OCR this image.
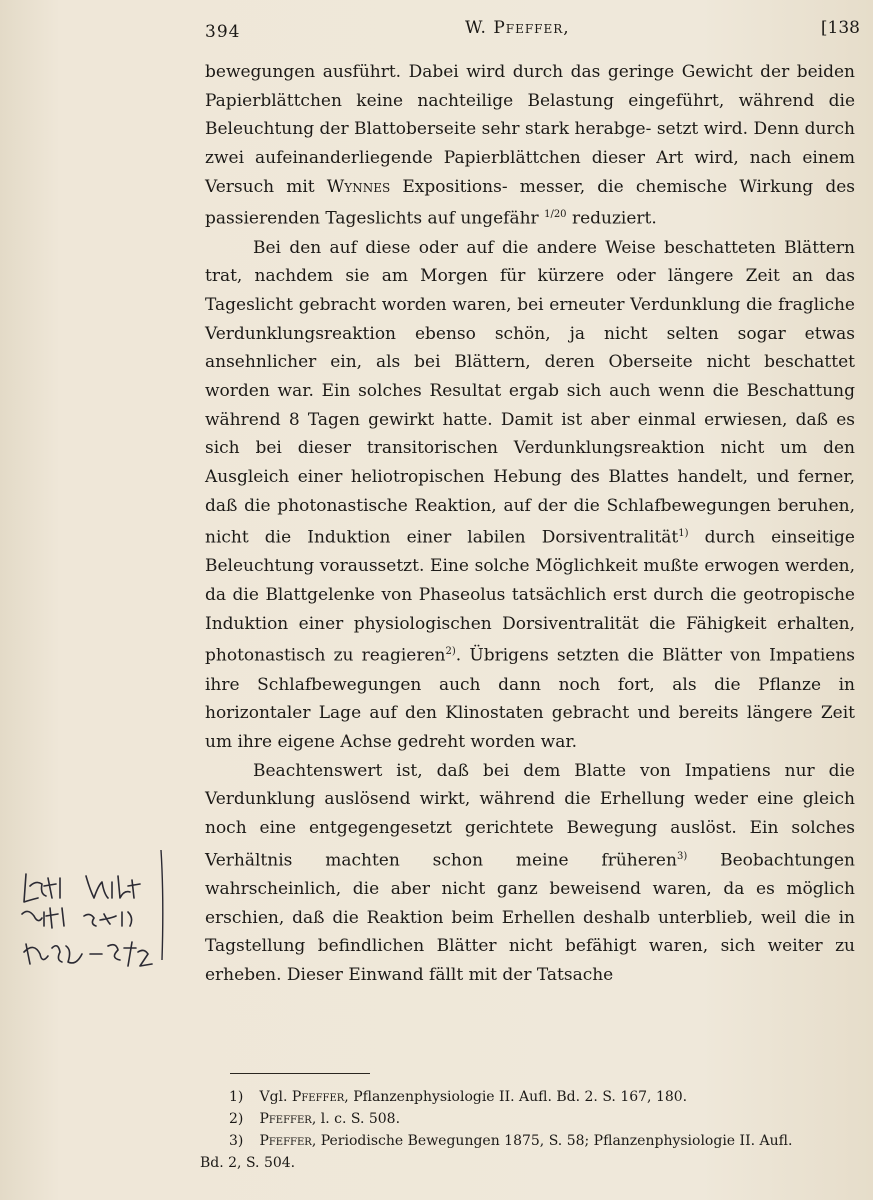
394	W. Pfeffer,	[138

bewegungen ausführt. Dabei wird durch das geringe Gewicht der beiden Papierblättchen keine nachteilige Belastung eingeführt, während die Beleuchtung der Blattoberseite sehr stark herabge- setzt wird. Denn durch zwei aufeinanderliegende Papierblättchen dieser Art wird, nach einem Versuch mit Wynnes Expositions- messer, die chemische Wirkung des passierenden Tageslichts auf ungefähr $^{1/20}$ reduziert.

Bei den auf diese oder auf die andere Weise beschatteten Blättern trat, nachdem sie am Morgen für kürzere oder längere Zeit an das Tageslicht gebracht worden waren, bei erneuter Verdunklung die fragliche Verdunklungsreaktion ebenso schön, ja nicht selten sogar etwas ansehnlicher ein, als bei Blättern, deren Oberseite nicht beschattet worden war. Ein solches Resultat ergab sich auch wenn die Beschattung während 8 Tagen gewirkt hatte. Damit ist aber einmal erwiesen, daß es sich bei dieser transitorischen Verdunklungsreaktion nicht um den Ausgleich einer heliotropischen Hebung des Blattes handelt, und ferner, daß die photonastische Reaktion, auf der die Schlafbewegungen beruhen, nicht die Induktion einer labilen Dorsiventralität$^{1)}$ durch einseitige Beleuchtung voraussetzt. Eine solche Möglichkeit mußte erwogen werden, da die Blattgelenke von Phaseolus tatsächlich erst durch die geotropische Induktion einer physiologischen Dorsiventralität die Fähigkeit erhalten, photonastisch zu reagieren$^{2)}$. Übrigens setzten die Blätter von Impatiens ihre Schlafbewegungen auch dann noch fort, als die Pflanze in horizontaler Lage auf den Klinostaten gebracht und bereits längere Zeit um ihre eigene Achse gedreht worden war.

Beachtenswert ist, daß bei dem Blatte von Impatiens nur die Verdunklung auslösend wirkt, während die Erhellung weder eine gleich noch eine entgegengesetzt gerichtete Bewegung auslöst. Ein solches Verhältnis machten schon meine früheren$^{3)}$ Beobachtungen wahrscheinlich, die aber nicht ganz beweisend waren, da es möglich erschien, daß die Reaktion beim Erhellen deshalb unterblieb, weil die in Tagstellung befindlichen Blätter nicht befähigt waren, sich weiter zu erheben. Dieser Einwand fällt mit der Tatsache

1) Vgl. Pfeffer, Pflanzenphysiologie II. Aufl. Bd. 2. S. 167, 180.

2) Pfeffer, l. c. S. 508.

3) Pfeffer, Periodische Bewegungen 1875, S. 58; Pflanzenphysiologie II. Aufl.

Bd. 2, S. 504.
